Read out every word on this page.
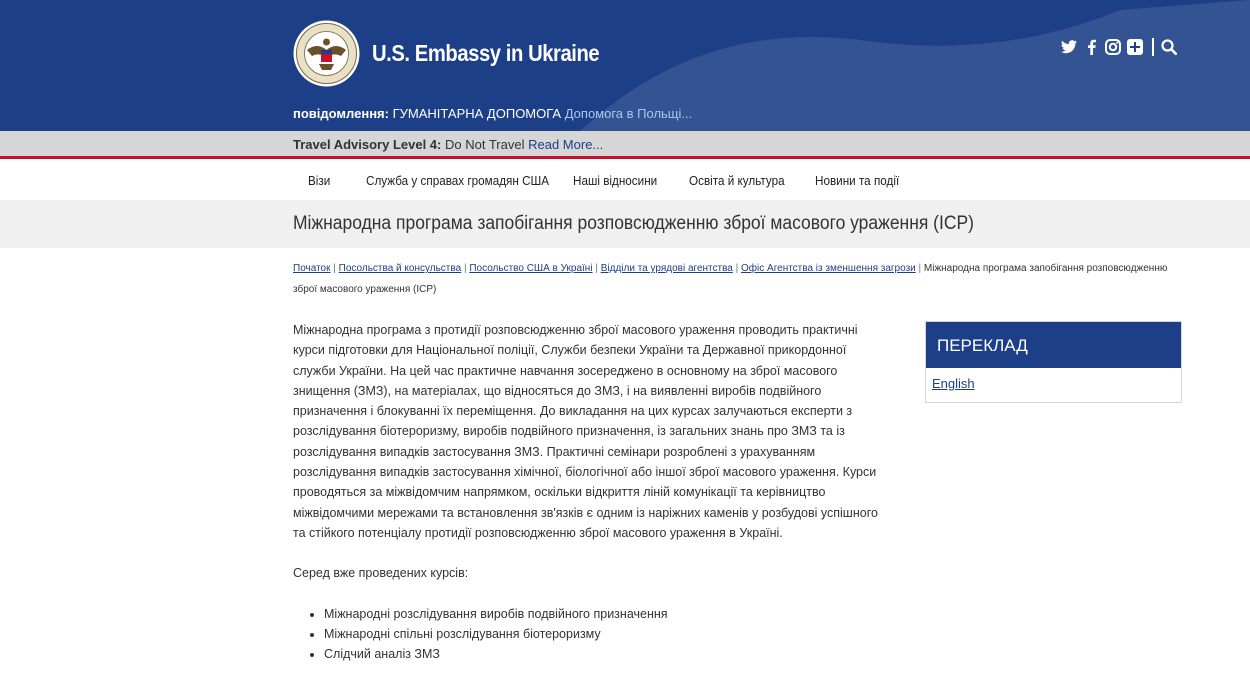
U.S. Embassy in Ukraine
повідомлення: ГУМАНІТАРНА ДОПОМОГА Допомога в Польщі...
Travel Advisory Level 4: Do Not Travel Read More...
Візи	Служба у справах громадян США Наші відносини Освіта й культура Новини та події
Міжнародна програма запобігання розповсюдженню зброї масового ураження (ICP)
Початок | Посольства й консульства | Посольство США в Україні | Відділи та урядові агентства | Офіс Агентства із зменшення загрози | Міжнародна програма запобігання розповсюдженню зброї масового ураження (ICP)

Міжнародна програма з протидії розповсюдженню зброї масового ураження проводить практичні курси підготовки для Національної поліції, Служби безпеки України та Державної прикордонної служби України. На цей час практичне навчання зосереджено в основному на зброї масового знищення (ЗМЗ), на матеріалах, що відносяться до ЗМЗ, і на виявленні виробів подвійного призначення і блокуванні їх переміщення. До викладання на цих курсах залучаються експерти з розслідування біотероризму, виробів подвійного призначення, із загальних знань про ЗМЗ та із розслідування випадків застосування ЗМЗ. Практичні семінари розроблені з урахуванням розслідування випадків застосування хімічної, біологічної або іншої зброї масового ураження. Курси проводяться за міжвідомчим напрямком, оскільки відкриття ліній комунікації та керівництво міжвідомчими мережами та встановлення зв'язків є одним із наріжних каменів у розбудові успішного та стійкого потенціалу протидії розповсюдженню зброї масового ураження в Україні.

Серед вже проведених курсів:

• Міжнародні розслідування виробів подвійного призначення
• Міжнародні спільні розслідування біотероризму
• Слідчий аналіз ЗМЗ
ПЕРЕКЛАД
English
